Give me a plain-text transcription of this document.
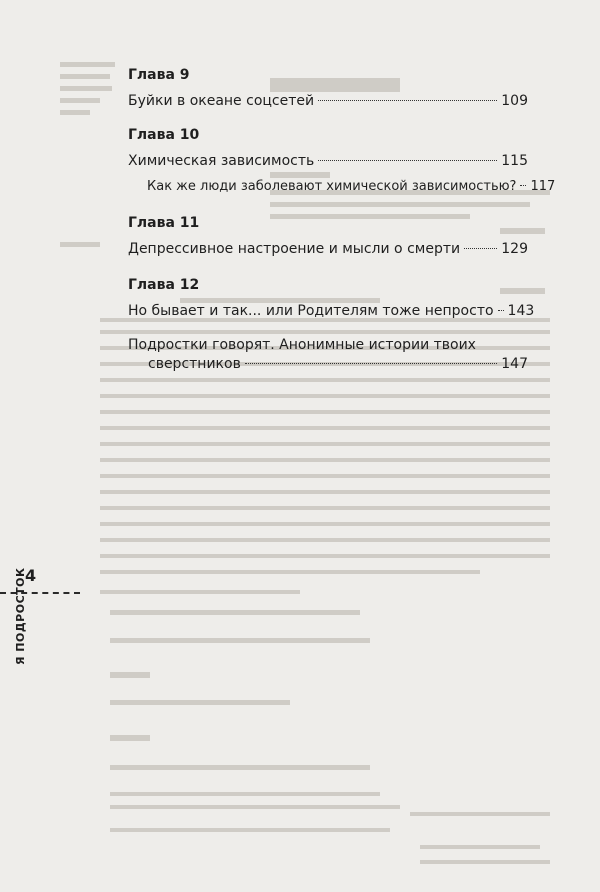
Глава 9
Буйки в океане соцсетей	109
Глава 10
Химическая зависимость	115
Как же люди заболевают химической зависимостью? 117
Глава 11
Депрессивное настроение и мысли о смерти	129
Глава 12
Но бывает и так... или Родителям тоже непросто 143
Подростки говорят. Анонимные истории твоих
сверстников	147
4
Я ПОДРОСТОК
